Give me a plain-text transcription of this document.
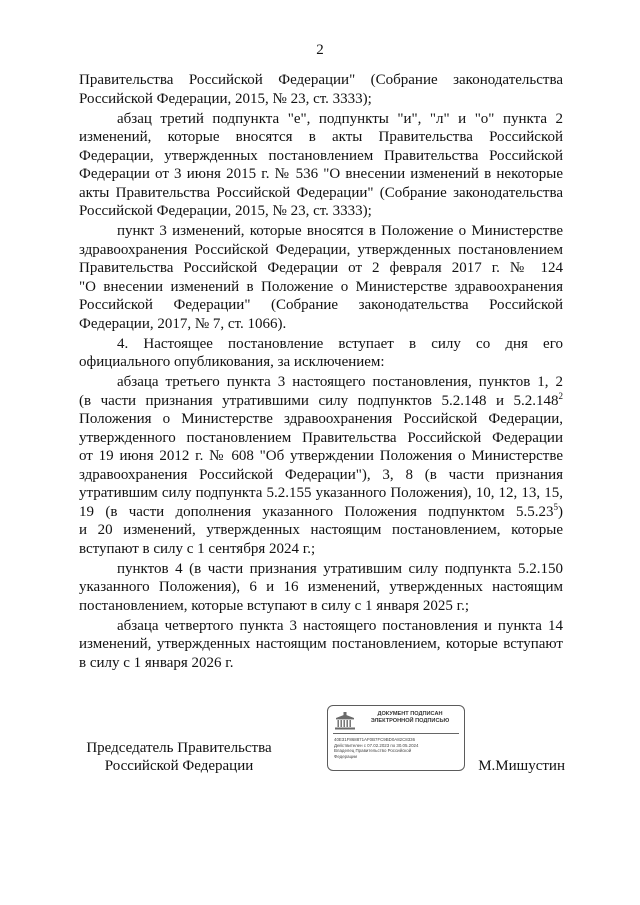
2
Правительства Российской Федерации" (Собрание законодательства
Российской Федерации, 2015, № 23, ст. 3333);
абзац третий подпункта "е", подпункты "и", "л" и "о" пункта 2
изменений, которые вносятся в акты Правительства Российской
Федерации, утвержденных постановлением Правительства Российской
Федерации от 3 июня 2015 г. № 536 "О внесении изменений в некоторые
акты Правительства Российской Федерации" (Собрание законодательства
Российской Федерации, 2015, № 23, ст. 3333);
пункт 3 изменений, которые вносятся в Положение о Министерстве
здравоохранения Российской Федерации, утвержденных постановлением
Правительства Российской Федерации от 2 февраля 2017 г. № 124
"О внесении изменений в Положение о Министерстве здравоохранения
Российской Федерации" (Собрание законодательства Российской
Федерации, 2017, № 7, ст. 1066).
4. Настоящее постановление вступает в силу со дня его
официального опубликования, за исключением:
абзаца третьего пункта 3 настоящего постановления, пунктов 1, 2
(в части признания утратившими силу подпунктов 5.2.148 и 5.2.148$^2$
Положения о Министерстве здравоохранения Российской Федерации,
утвержденного постановлением Правительства Российской Федерации
от 19 июня 2012 г. № 608 "Об утверждении Положения о Министерстве
здравоохранения Российской Федерации"), 3, 8 (в части признания
утратившим силу подпункта 5.2.155 указанного Положения), 10, 12, 13, 15,
19 (в части дополнения указанного Положения подпунктом 5.5.23$^5$)
и 20 изменений, утвержденных настоящим постановлением, которые
вступают в силу с 1 сентября 2024 г.;
пунктов 4 (в части признания утратившим силу подпункта 5.2.150
указанного Положения), 6 и 16 изменений, утвержденных настоящим
постановлением, которые вступают в силу с 1 января 2025 г.;
абзаца четвертого пункта 3 настоящего постановления и пункта 14
изменений, утвержденных настоящим постановлением, которые вступают
в силу с 1 января 2026 г.
Председатель Правительства
Российской Федерации
ДОКУМЕНТ ПОДПИСАН
ЭЛЕКТРОННОЙ ПОДПИСЬЮ
40E31F868871AF0B7FC9BD0A82C8336
Действителен с 07.02.2023 по 30.05.2024
Владелец Правительство Российской
Федерации
М.Мишустин
